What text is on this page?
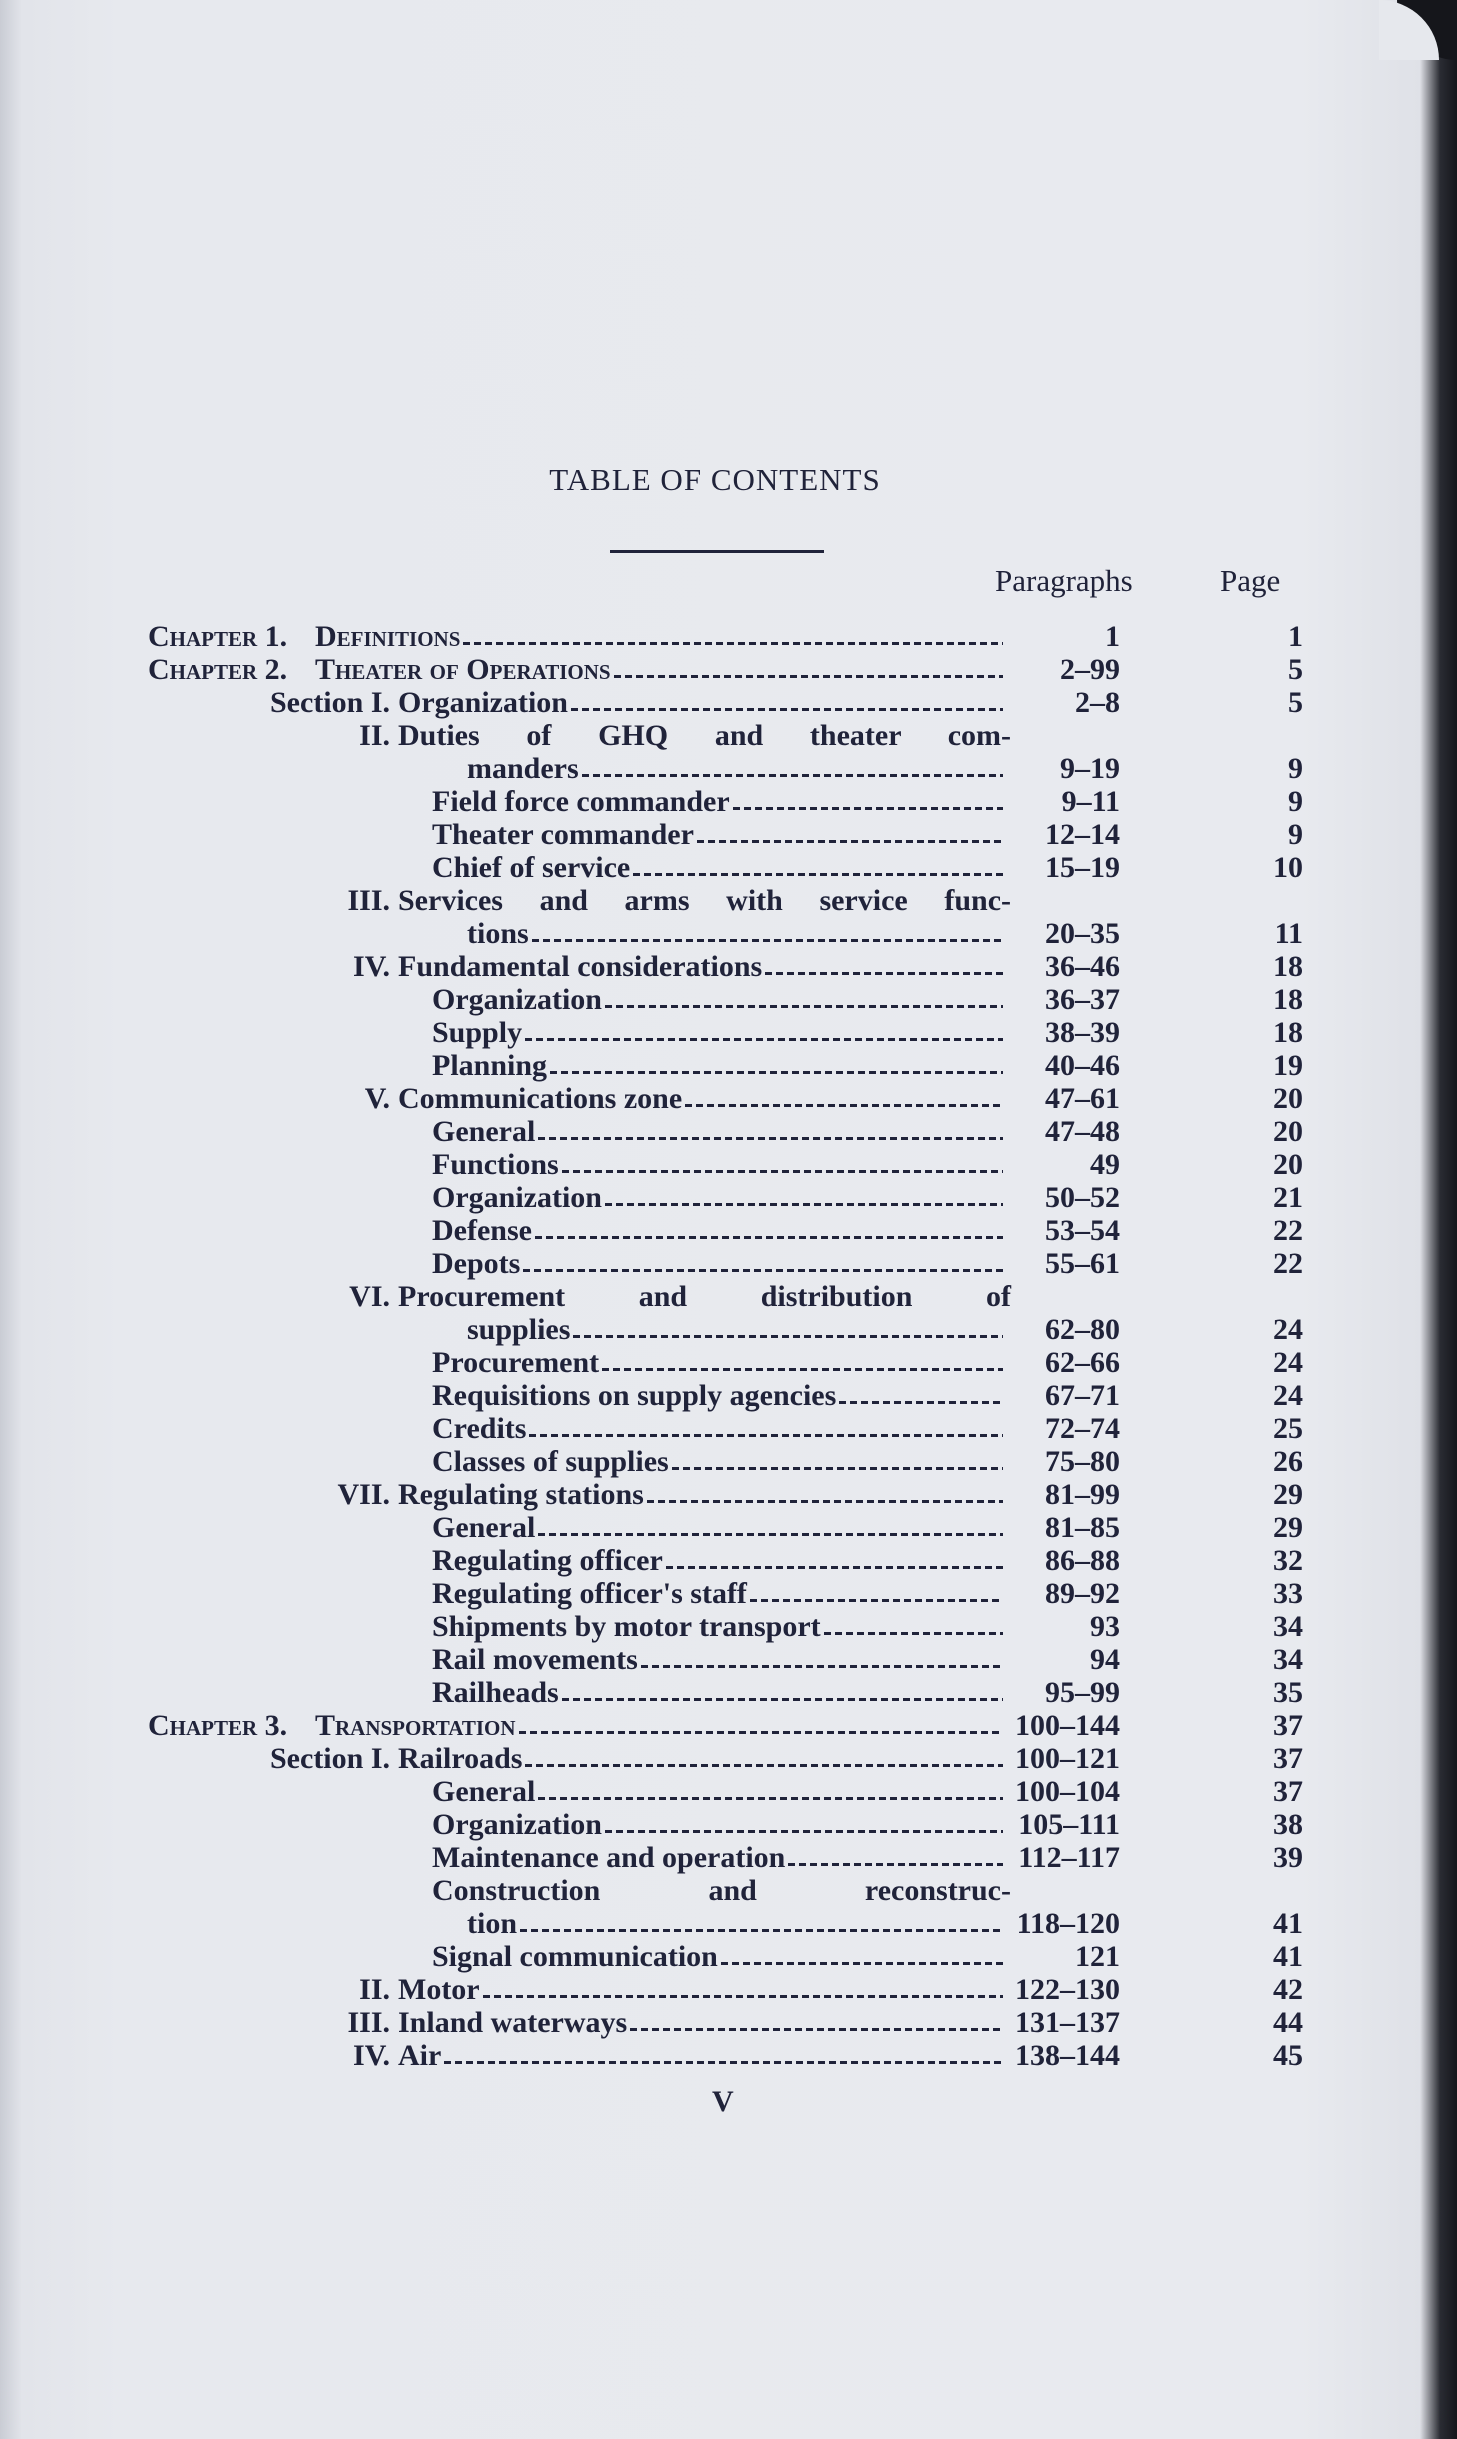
TABLE OF CONTENTS
Paragraphs	Page
Chapter 1. Definitions	1	1
Chapter 2. Theater of Operations	2–99	5
Section I. Organization	2–8	5
II. Duties of GHQ and theater com-
manders	9–19	9
Field force commander	9–11	9
Theater commander	12–14	9
Chief of service	15–19	10
III. Services and arms with service func-
tions	20–35	11
IV. Fundamental considerations	36–46	18
Organization	36–37	18
Supply	38–39	18
Planning	40–46	19
V. Communications zone	47–61	20
General	47–48	20
Functions	49	20
Organization	50–52	21
Defense	53–54	22
Depots	55–61	22
VI. Procurement and distribution of
supplies	62–80	24
Procurement	62–66	24
Requisitions on supply agencies	67–71	24
Credits	72–74	25
Classes of supplies	75–80	26
VII. Regulating stations	81–99	29
General	81–85	29
Regulating officer	86–88	32
Regulating officer's staff	89–92	33
Shipments by motor transport	93	34
Rail movements	94	34
Railheads	95–99	35
Chapter 3. Transportation	100–144	37
Section I. Railroads	100–121	37
General	100–104	37
Organization	105–111	38
Maintenance and operation	112–117	39
Construction and reconstruc-
tion	118–120	41
Signal communication	121	41
II. Motor	122–130	42
III. Inland waterways	131–137	44
IV. Air	138–144	45
V
